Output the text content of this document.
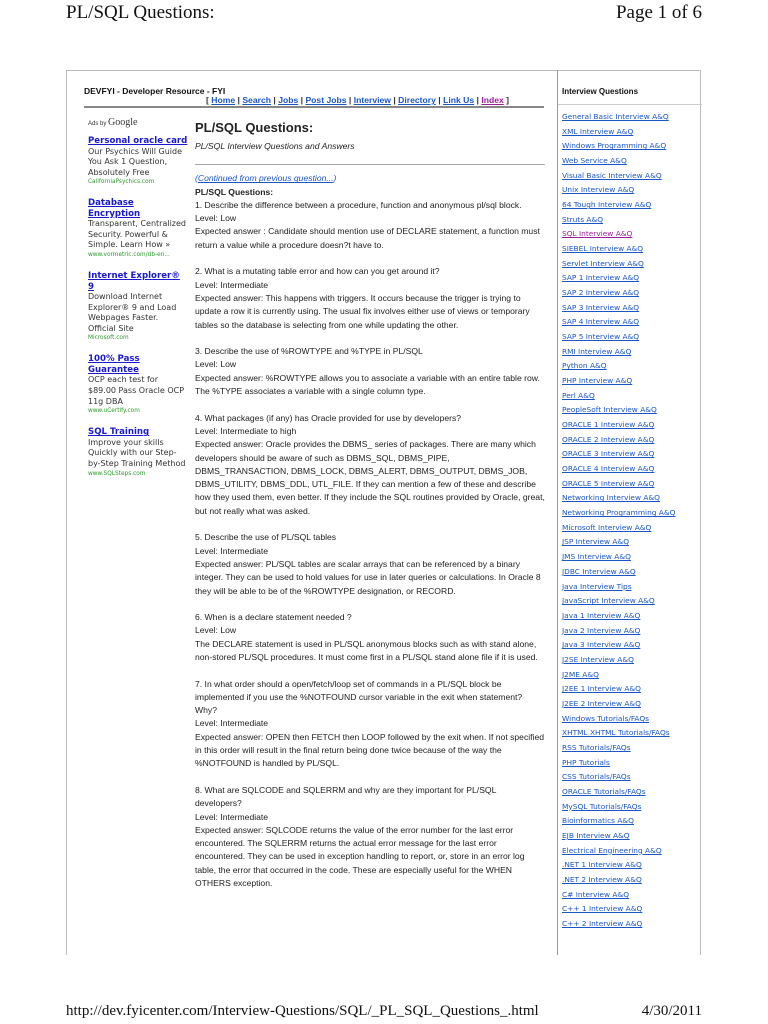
PL/SQL Questions:	Page 1 of 6
DEVFYI - Developer Resource - FYI
[ Home | Search | Jobs | Post Jobs | Interview | Directory | Link Us | Index ]
Ads by Google
Personal oracle card
Our Psychics Will Guide You Ask 1 Question, Absolutely Free
CaliforniaPsychics.com
Database Encryption
Transparent, Centralized Security. Powerful & Simple. Learn How »
www.vormetric.com/db-en...
Internet Explorer® 9
Download Internet Explorer® 9 and Load Webpages Faster. Official Site
Microsoft.com
100% Pass Guarantee
OCP each test for $89.00 Pass Oracle OCP 11g DBA
www.uCertify.com
SQL Training
Improve your skills Quickly with our Step-by-Step Training Method
www.SQLSteps.com
PL/SQL Questions:
PL/SQL Interview Questions and Answers
(Continued from previous question...)
PL/SQL Questions:
1. Describe the difference between a procedure, function and anonymous pl/sql block.
Level: Low
Expected answer : Candidate should mention use of DECLARE statement, a function must return a value while a procedure doesn?t have to.
2. What is a mutating table error and how can you get around it?
Level: Intermediate
Expected answer: This happens with triggers. It occurs because the trigger is trying to update a row it is currently using. The usual fix involves either use of views or temporary tables so the database is selecting from one while updating the other.
3. Describe the use of %ROWTYPE and %TYPE in PL/SQL
Level: Low
Expected answer: %ROWTYPE allows you to associate a variable with an entire table row. The %TYPE associates a variable with a single column type.
4. What packages (if any) has Oracle provided for use by developers?
Level: Intermediate to high
Expected answer: Oracle provides the DBMS_ series of packages. There are many which developers should be aware of such as DBMS_SQL, DBMS_PIPE, DBMS_TRANSACTION, DBMS_LOCK, DBMS_ALERT, DBMS_OUTPUT, DBMS_JOB, DBMS_UTILITY, DBMS_DDL, UTL_FILE. If they can mention a few of these and describe how they used them, even better. If they include the SQL routines provided by Oracle, great, but not really what was asked.
5. Describe the use of PL/SQL tables
Level: Intermediate
Expected answer: PL/SQL tables are scalar arrays that can be referenced by a binary integer. They can be used to hold values for use in later queries or calculations. In Oracle 8 they will be able to be of the %ROWTYPE designation, or RECORD.
6. When is a declare statement needed ?
Level: Low
The DECLARE statement is used in PL/SQL anonymous blocks such as with stand alone, non-stored PL/SQL procedures. It must come first in a PL/SQL stand alone file if it is used.
7. In what order should a open/fetch/loop set of commands in a PL/SQL block be implemented if you use the %NOTFOUND cursor variable in the exit when statement? Why?
Level: Intermediate
Expected answer: OPEN then FETCH then LOOP followed by the exit when. If not specified in this order will result in the final return being done twice because of the way the %NOTFOUND is handled by PL/SQL.
8. What are SQLCODE and SQLERRM and why are they important for PL/SQL developers?
Level: Intermediate
Expected answer: SQLCODE returns the value of the error number for the last error encountered. The SQLERRM returns the actual error message for the last error encountered. They can be used in exception handling to report, or, store in an error log table, the error that occurred in the code. These are especially useful for the WHEN OTHERS exception.
Interview Questions
General Basic Interview A&Q
XML Interview A&Q
Windows Programming A&Q
Web Service A&Q
Visual Basic Interview A&Q
Unix Interview A&Q
64 Tough Interview A&Q
Struts A&Q
SQL Interview A&Q
SIEBEL Interview A&Q
Servlet Interview A&Q
SAP 1 Interview A&Q
SAP 2 Interview A&Q
SAP 3 Interview A&Q
SAP 4 Interview A&Q
SAP 5 Interview A&Q
RMI Interview A&Q
Python A&Q
PHP Interview A&Q
Perl A&Q
PeopleSoft Interview A&Q
ORACLE 1 Interview A&Q
ORACLE 2 Interview A&Q
ORACLE 3 Interview A&Q
ORACLE 4 Interview A&Q
ORACLE 5 Interview A&Q
Networking Interview A&Q
Networking Programming A&Q
Microsoft Interview A&Q
JSP Interview A&Q
JMS Interview A&Q
JDBC Interview A&Q
Java Interview Tips
JavaScript Interview A&Q
Java 1 Interview A&Q
Java 2 Interview A&Q
Java 3 Interview A&Q
J2SE Interview A&Q
J2ME A&Q
J2EE 1 Interview A&Q
J2EE 2 Interview A&Q
Windows Tutorials/FAQs
XHTML XHTML Tutorials/FAQs
RSS Tutorials/FAQs
PHP Tutorials
CSS Tutorials/FAQs
ORACLE Tutorials/FAQs
MySQL Tutorials/FAQs
Bioinformatics A&Q
EJB Interview A&Q
Electrical Engineering A&Q
.NET 1 Interview A&Q
.NET 2 Interview A&Q
C# Interview A&Q
C++ 1 Interview A&Q
C++ 2 Interview A&Q
http://dev.fyicenter.com/Interview-Questions/SQL/_PL_SQL_Questions_.html	4/30/2011
